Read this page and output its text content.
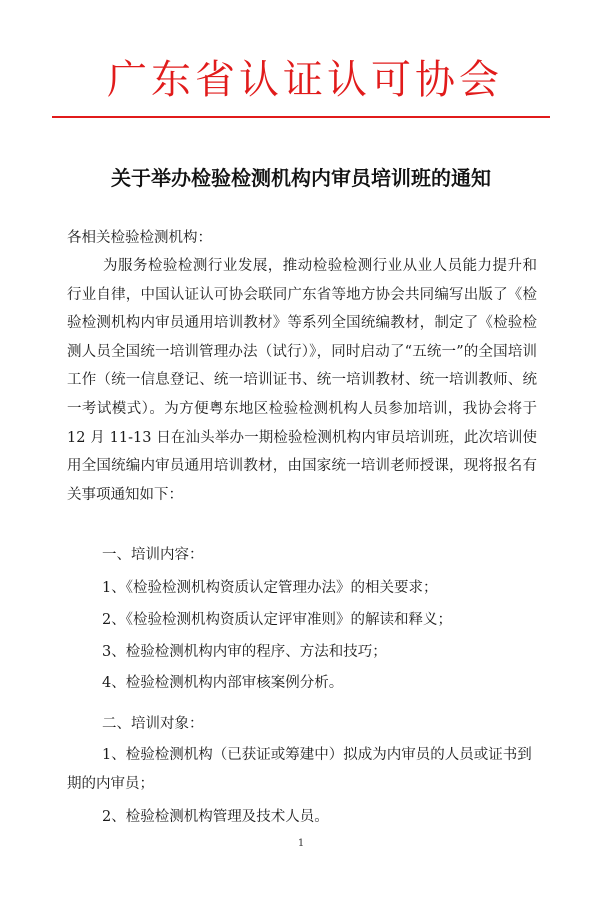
广东省认证认可协会
关于举办检验检测机构内审员培训班的通知

各相关检验检测机构：

为服务检验检测行业发展，推动检验检测行业从业人员能力提升和行业自律，中国认证认可协会联同广东省等地方协会共同编写出版了《检验检测机构内审员通用培训教材》等系列全国统编教材，制定了《检验检测人员全国统一培训管理办法（试行）》，同时启动了“五统一”的全国培训工作（统一信息登记、统一培训证书、统一培训教材、统一培训教师、统一考试模式）。为方便粤东地区检验检测机构人员参加培训，我协会将于 12 月 11-13 日在汕头举办一期检验检测机构内审员培训班，此次培训使用全国统编内审员通用培训教材，由国家统一培训老师授课，现将报名有关事项通知如下：

一、培训内容：

1、《检验检测机构资质认定管理办法》的相关要求；

2、《检验检测机构资质认定评审准则》的解读和释义；

3、检验检测机构内审的程序、方法和技巧；

4、检验检测机构内部审核案例分析。

二、培训对象：

1、检验检测机构（已获证或筹建中）拟成为内审员的人员或证书到期的内审员；

2、检验检测机构管理及技术人员。

1
